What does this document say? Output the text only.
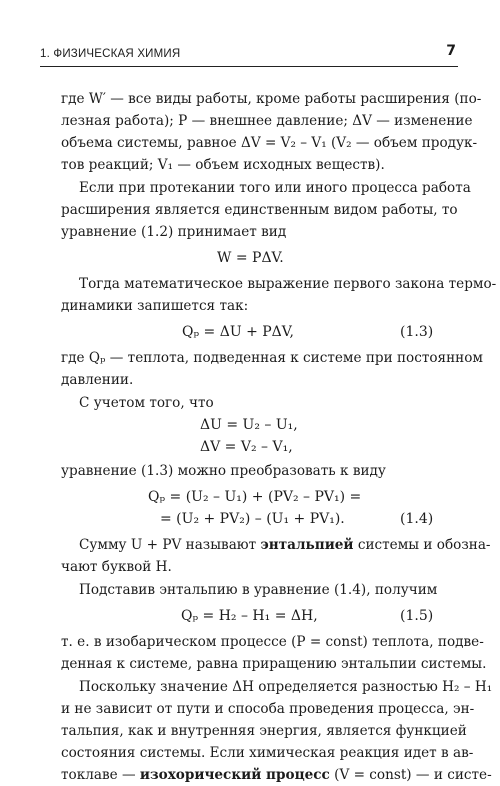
1. ФИЗИЧЕСКАЯ ХИМИЯ	7
где W′ — все виды работы, кроме работы расширения (по-
лезная работа); P — внешнее давление; ΔV — изменение
объема системы, равное ΔV = V₂ – V₁ (V₂ — объем продук-
тов реакций; V₁ — объем исходных веществ).
Если при протекании того или иного процесса работа
расширения является единственным видом работы, то
уравнение (1.2) принимает вид
W = PΔV.
Тогда математическое выражение первого закона термо-
динамики запишется так:
Qₚ = ΔU + PΔV,	(1.3)
где Qₚ — теплота, подведенная к системе при постоянном
давлении.
С учетом того, что
ΔU = U₂ – U₁,
ΔV = V₂ – V₁,
уравнение (1.3) можно преобразовать к виду
Qₚ = (U₂ – U₁) + (PV₂ – PV₁) =
= (U₂ + PV₂) – (U₁ + PV₁).	(1.4)
Сумму U + PV называют энтальпией системы и обозна-
чают буквой H.
Подставив энтальпию в уравнение (1.4), получим
Qₚ = H₂ – H₁ = ΔH,	(1.5)
т. е. в изобарическом процессе (P = const) теплота, подве-
денная к системе, равна приращению энтальпии системы.
Поскольку значение ΔH определяется разностью H₂ – H₁
и не зависит от пути и способа проведения процесса, эн-
тальпия, как и внутренняя энергия, является функцией
состояния системы. Если химическая реакция идет в ав-
токлаве — изохорический процесс (V = const) — и систе-
